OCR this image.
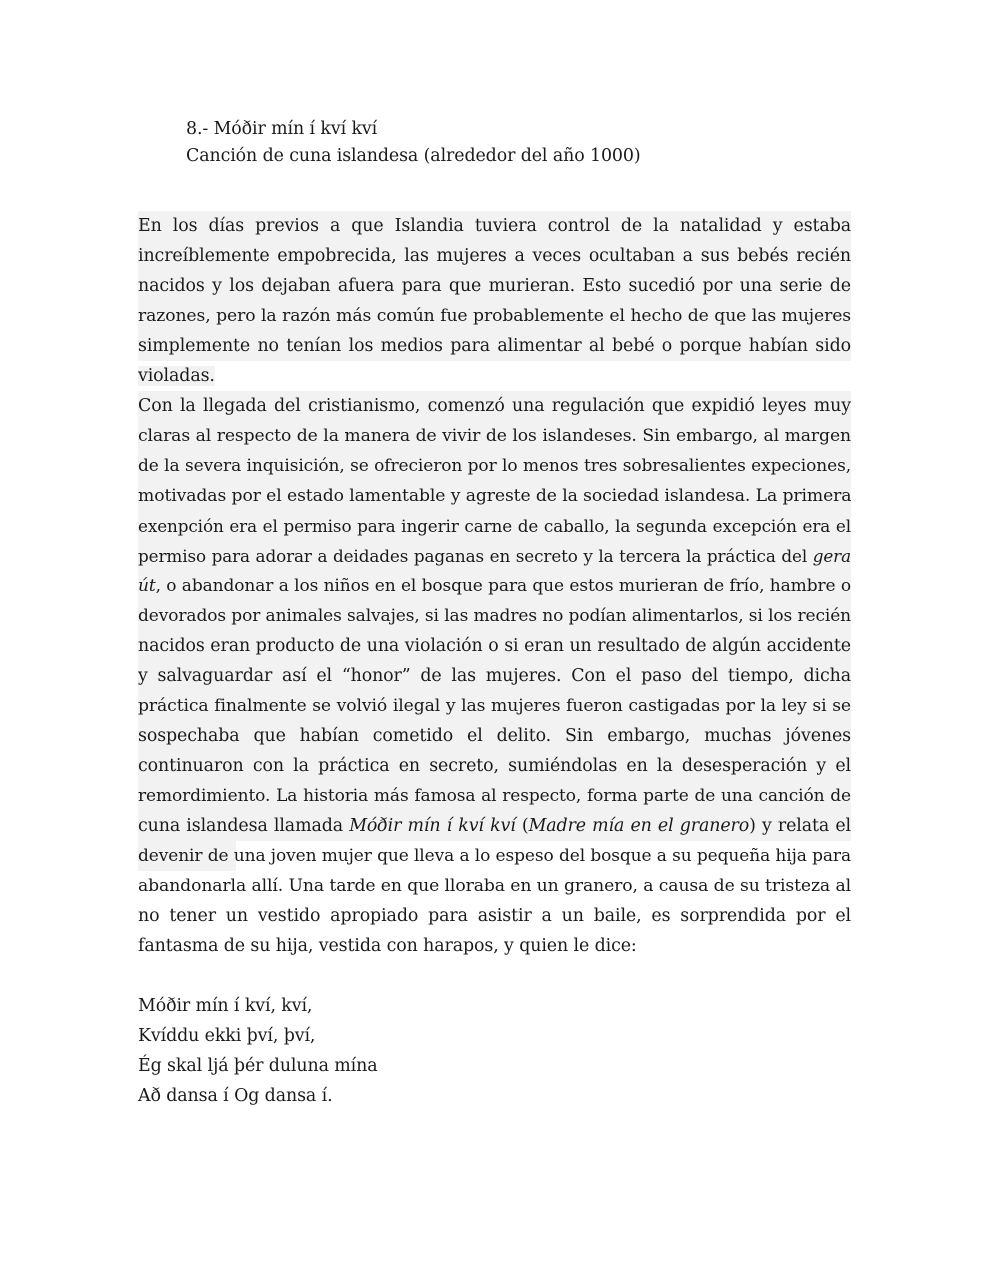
8.- Móðir mín í kví kví
Canción de cuna islandesa (alrededor del año 1000)
En los días previos a que Islandia tuviera control de la natalidad y estaba
increíblemente empobrecida, las mujeres a veces ocultaban a sus bebés recién
nacidos y los dejaban afuera para que murieran. Esto sucedió por una serie de
razones, pero la razón más común fue probablemente el hecho de que las mujeres
simplemente no tenían los medios para alimentar al bebé o porque habían sido
violadas.
Con la llegada del cristianismo, comenzó una regulación que expidió leyes muy
claras al respecto de la manera de vivir de los islandeses. Sin embargo, al margen
de la severa inquisición, se ofrecieron por lo menos tres sobresalientes expeciones,
motivadas por el estado lamentable y agreste de la sociedad islandesa. La primera
exenpción era el permiso para ingerir carne de caballo, la segunda excepción era el
permiso para adorar a deidades paganas en secreto y la tercera la práctica del gera
út, o abandonar a los niños en el bosque para que estos murieran de frío, hambre o
devorados por animales salvajes, si las madres no podían alimentarlos, si los recién
nacidos eran producto de una violación o si eran un resultado de algún accidente
y salvaguardar así el “honor” de las mujeres. Con el paso del tiempo, dicha
práctica finalmente se volvió ilegal y las mujeres fueron castigadas por la ley si se
sospechaba que habían cometido el delito. Sin embargo, muchas jóvenes
continuaron con la práctica en secreto, sumiéndolas en la desesperación y el
remordimiento. La historia más famosa al respecto, forma parte de una canción de
cuna islandesa llamada Móðir mín í kví kví (Madre mía en el granero) y relata el
devenir de una joven mujer que lleva a lo espeso del bosque a su pequeña hija para
abandonarla allí. Una tarde en que lloraba en un granero, a causa de su tristeza al
no tener un vestido apropiado para asistir a un baile, es sorprendida por el
fantasma de su hija, vestida con harapos, y quien le dice:
Móðir mín í kví, kví,
Kvíddu ekki því, því,
Ég skal ljá þér duluna mína
Að dansa í Og dansa í.
